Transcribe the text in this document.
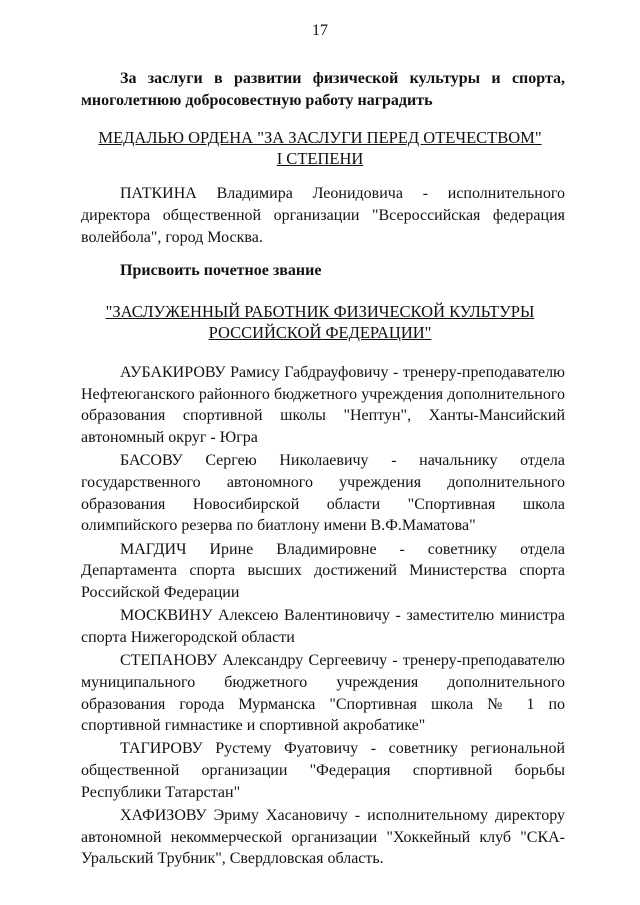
17
За заслуги в развитии физической культуры и спорта, многолетнюю добросовестную работу наградить
МЕДАЛЬЮ ОРДЕНА "ЗА ЗАСЛУГИ ПЕРЕД ОТЕЧЕСТВОМ"
I СТЕПЕНИ
ПАТКИНА Владимира Леонидовича - исполнительного директора общественной организации "Всероссийская федерация волейбола", город Москва.
Присвоить почетное звание
"ЗАСЛУЖЕННЫЙ РАБОТНИК ФИЗИЧЕСКОЙ КУЛЬТУРЫ
РОССИЙСКОЙ ФЕДЕРАЦИИ"
АУБАКИРОВУ Рамису Габдрауфовичу - тренеру-преподавателю Нефтеюганского районного бюджетного учреждения дополнительного образования спортивной школы "Нептун", Ханты-Мансийский автономный округ - Югра
БАСОВУ Сергею Николаевичу - начальнику отдела государственного автономного учреждения дополнительного образования Новосибирской области "Спортивная школа олимпийского резерва по биатлону имени В.Ф.Маматова"
МАГДИЧ Ирине Владимировне - советнику отдела Департамента спорта высших достижений Министерства спорта Российской Федерации
МОСКВИНУ Алексею Валентиновичу - заместителю министра спорта Нижегородской области
СТЕПАНОВУ Александру Сергеевичу - тренеру-преподавателю муниципального бюджетного учреждения дополнительного образования города Мурманска "Спортивная школа № 1 по спортивной гимнастике и спортивной акробатике"
ТАГИРОВУ Рустему Фуатовичу - советнику региональной общественной организации "Федерация спортивной борьбы Республики Татарстан"
ХАФИЗОВУ Эриму Хасановичу - исполнительному директору автономной некоммерческой организации "Хоккейный клуб "СКА-Уральский Трубник", Свердловская область.
